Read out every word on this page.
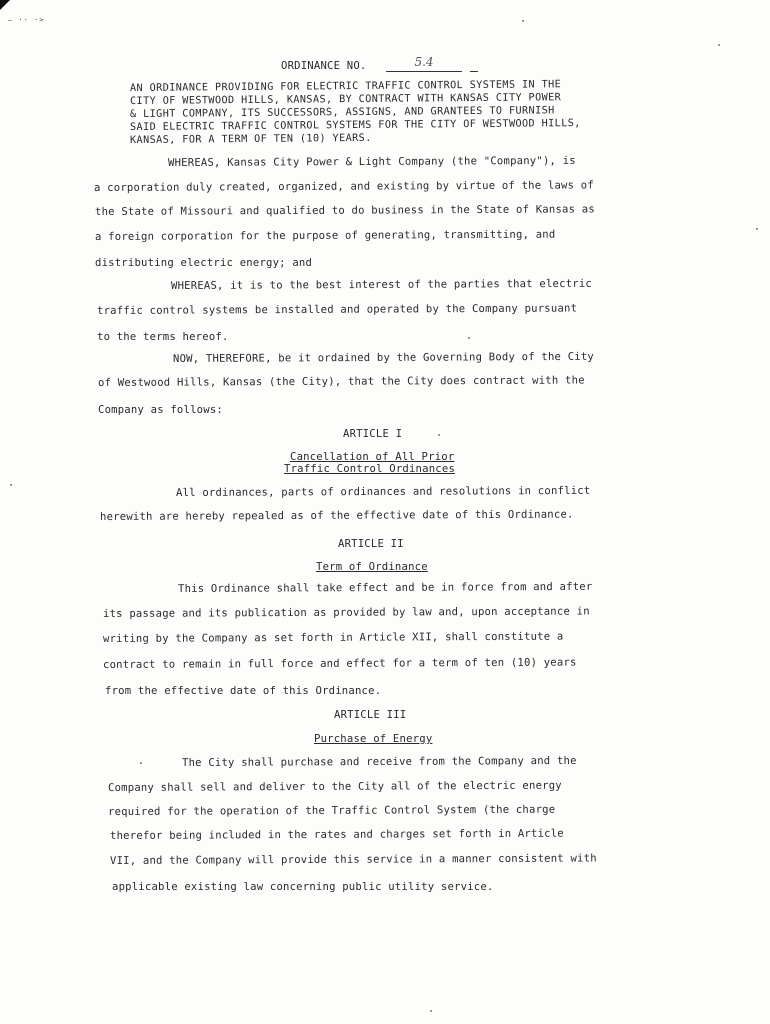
— ·· ·>
ORDINANCE NO.	5.4
AN ORDINANCE PROVIDING FOR ELECTRIC TRAFFIC CONTROL SYSTEMS IN THE
CITY OF WESTWOOD HILLS, KANSAS, BY CONTRACT WITH KANSAS CITY POWER
& LIGHT COMPANY, ITS SUCCESSORS, ASSIGNS, AND GRANTEES TO FURNISH
SAID ELECTRIC TRAFFIC CONTROL SYSTEMS FOR THE CITY OF WESTWOOD HILLS,
KANSAS, FOR A TERM OF TEN (10) YEARS.
WHEREAS, Kansas City Power & Light Company (the "Company"), is
a corporation duly created, organized, and existing by virtue of the laws of
the State of Missouri and qualified to do business in the State of Kansas as
a foreign corporation for the purpose of generating, transmitting, and
distributing electric energy; and
WHEREAS, it is to the best interest of the parties that electric
traffic control systems be installed and operated by the Company pursuant
to the terms hereof.
NOW, THEREFORE, be it ordained by the Governing Body of the City
of Westwood Hills, Kansas (the City), that the City does contract with the
Company as follows:
ARTICLE I
Cancellation of All Prior
Traffic Control Ordinances
All ordinances, parts of ordinances and resolutions in conflict
herewith are hereby repealed as of the effective date of this Ordinance.
ARTICLE II
Term of Ordinance
This Ordinance shall take effect and be in force from and after
its passage and its publication as provided by law and, upon acceptance in
writing by the Company as set forth in Article XII, shall constitute a
contract to remain in full force and effect for a term of ten (10) years
from the effective date of this Ordinance.
ARTICLE III
Purchase of Energy
The City shall purchase and receive from the Company and the
Company shall sell and deliver to the City all of the electric energy
required for the operation of the Traffic Control System (the charge
therefor being included in the rates and charges set forth in Article
VII, and the Company will provide this service in a manner consistent with
applicable existing law concerning public utility service.
